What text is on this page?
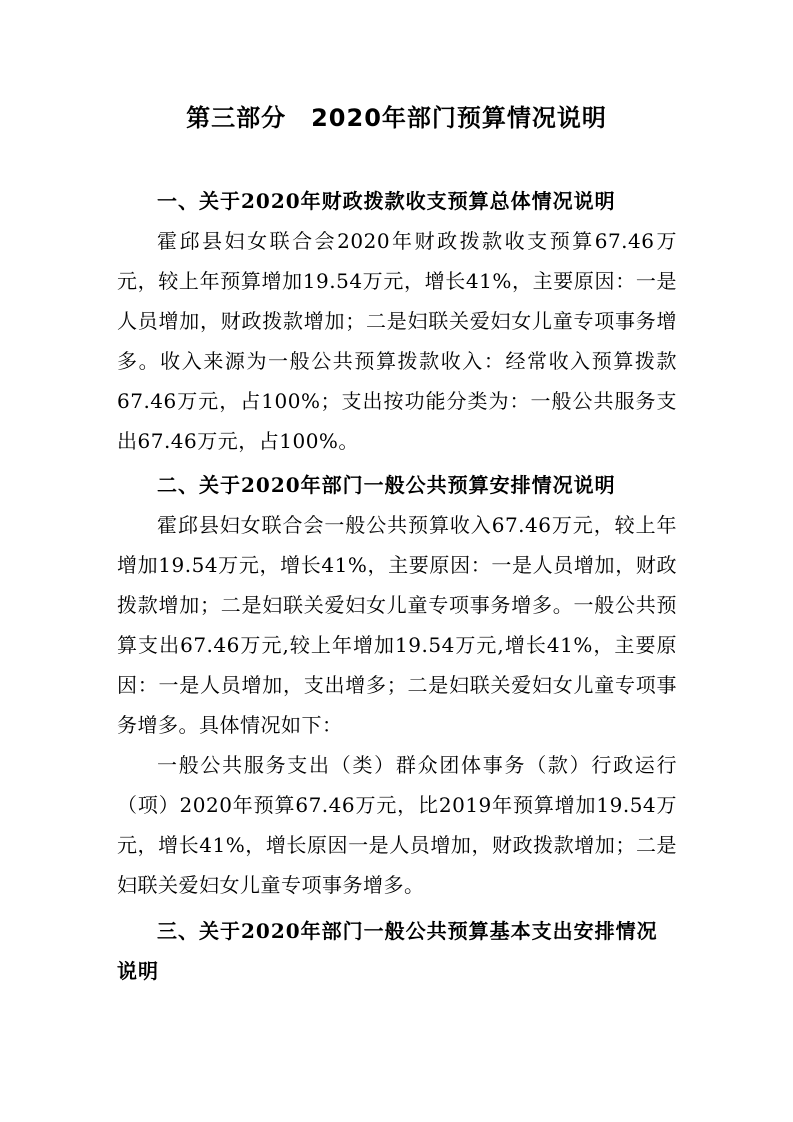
第三部分　2020年部门预算情况说明

一、关于2020年财政拨款收支预算总体情况说明

霍邱县妇女联合会2020年财政拨款收支预算67.46万元，较上年预算增加19.54万元，增长41%，主要原因：一是人员增加，财政拨款增加；二是妇联关爱妇女儿童专项事务增多。收入来源为一般公共预算拨款收入：经常收入预算拨款67.46万元，占100%；支出按功能分类为：一般公共服务支出67.46万元，占100%。

二、关于2020年部门一般公共预算安排情况说明

霍邱县妇女联合会一般公共预算收入67.46万元，较上年增加19.54万元，增长41%，主要原因：一是人员增加，财政拨款增加；二是妇联关爱妇女儿童专项事务增多。一般公共预算支出67.46万元,较上年增加19.54万元,增长41%，主要原因：一是人员增加，支出增多；二是妇联关爱妇女儿童专项事务增多。具体情况如下：

一般公共服务支出（类）群众团体事务（款）行政运行（项）2020年预算67.46万元，比2019年预算增加19.54万元，增长41%，增长原因一是人员增加，财政拨款增加；二是妇联关爱妇女儿童专项事务增多。

三、关于2020年部门一般公共预算基本支出安排情况说明
